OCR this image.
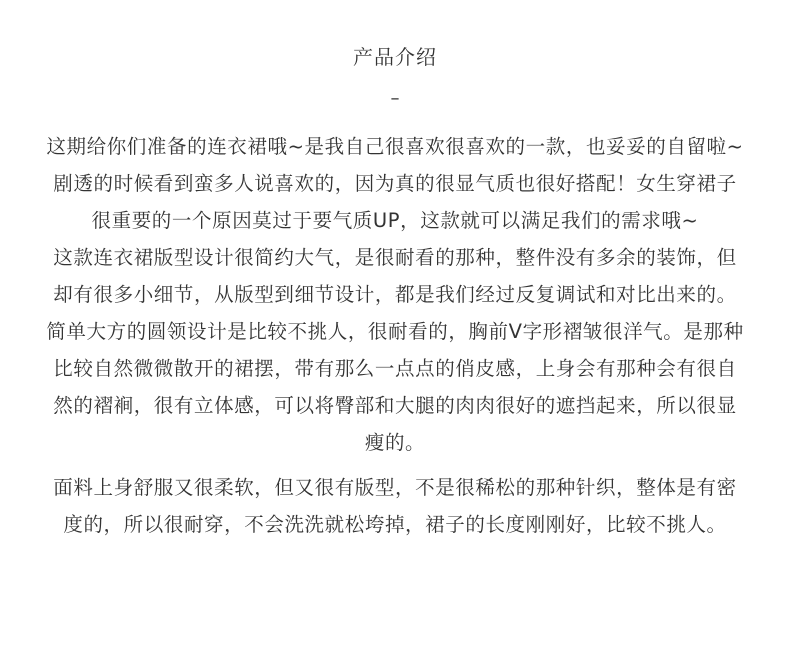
产品介绍
–
这期给你们准备的连衣裙哦~是我自己很喜欢很喜欢的一款，也妥妥的自留啦~
剧透的时候看到蛮多人说喜欢的，因为真的很显气质也很好搭配！女生穿裙子
很重要的一个原因莫过于要气质UP，这款就可以满足我们的需求哦~
这款连衣裙版型设计很简约大气，是很耐看的那种，整件没有多余的装饰，但
却有很多小细节，从版型到细节设计，都是我们经过反复调试和对比出来的。
简单大方的圆领设计是比较不挑人，很耐看的，胸前V字形褶皱很洋气。是那种
比较自然微微散开的裙摆，带有那么一点点的俏皮感，上身会有那种会有很自
然的褶裥，很有立体感，可以将臀部和大腿的肉肉很好的遮挡起来，所以很显
瘦的。
面料上身舒服又很柔软，但又很有版型，不是很稀松的那种针织，整体是有密
度的，所以很耐穿，不会洗洗就松垮掉，裙子的长度刚刚好，比较不挑人。
